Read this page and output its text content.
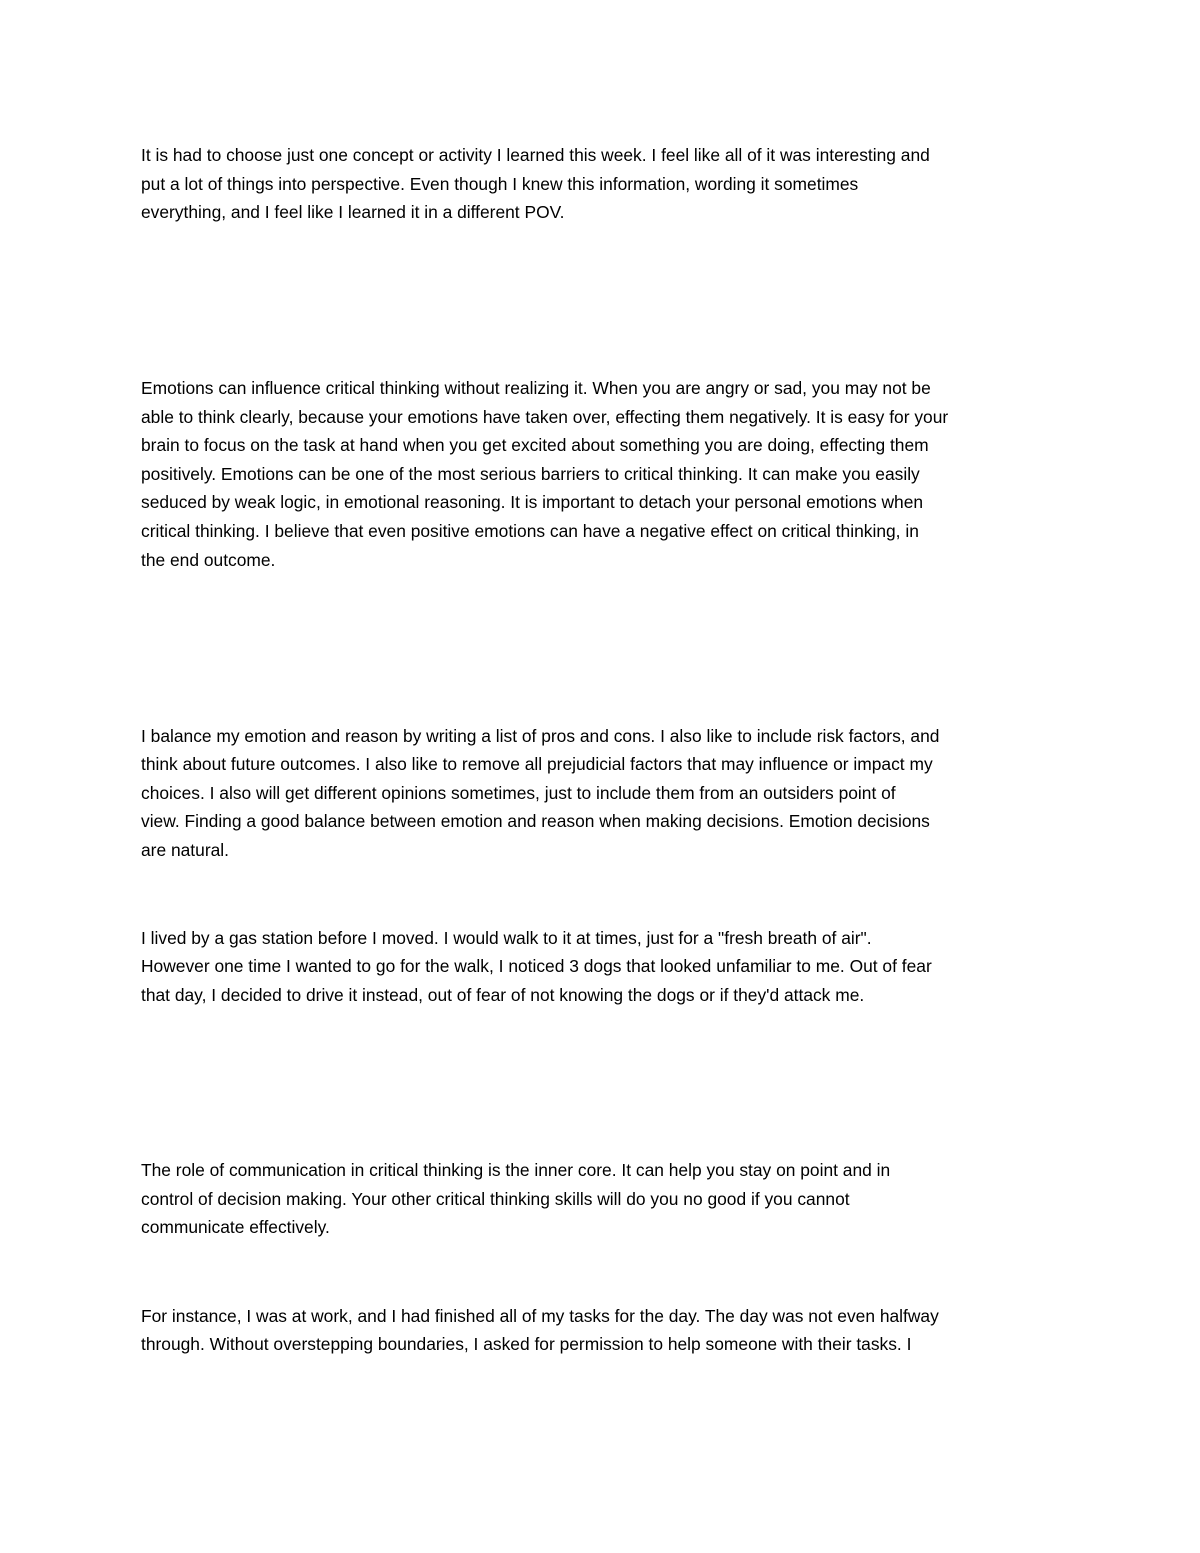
It is had to choose just one concept or activity I learned this week. I feel like all of it was interesting and

put a lot of things into perspective. Even though I knew this information, wording it sometimes

everything, and I feel like I learned it in a different POV.

Emotions can influence critical thinking without realizing it. When you are angry or sad, you may not be

able to think clearly, because your emotions have taken over, effecting them negatively. It is easy for your

brain to focus on the task at hand when you get excited about something you are doing, effecting them

positively. Emotions can be one of the most serious barriers to critical thinking. It can make you easily

seduced by weak logic, in emotional reasoning. It is important to detach your personal emotions when

critical thinking. I believe that even positive emotions can have a negative effect on critical thinking, in

the end outcome.

I balance my emotion and reason by writing a list of pros and cons. I also like to include risk factors, and

think about future outcomes. I also like to remove all prejudicial factors that may influence or impact my

choices. I also will get different opinions sometimes, just to include them from an outsiders point of

view. Finding a good balance between emotion and reason when making decisions. Emotion decisions

are natural.

I lived by a gas station before I moved. I would walk to it at times, just for a "fresh breath of air".

However one time I wanted to go for the walk, I noticed 3 dogs that looked unfamiliar to me. Out of fear

that day, I decided to drive it instead, out of fear of not knowing the dogs or if they'd attack me.

The role of communication in critical thinking is the inner core. It can help you stay on point and in

control of decision making. Your other critical thinking skills will do you no good if you cannot

communicate effectively.

For instance, I was at work, and I had finished all of my tasks for the day. The day was not even halfway

through. Without overstepping boundaries, I asked for permission to help someone with their tasks. I
